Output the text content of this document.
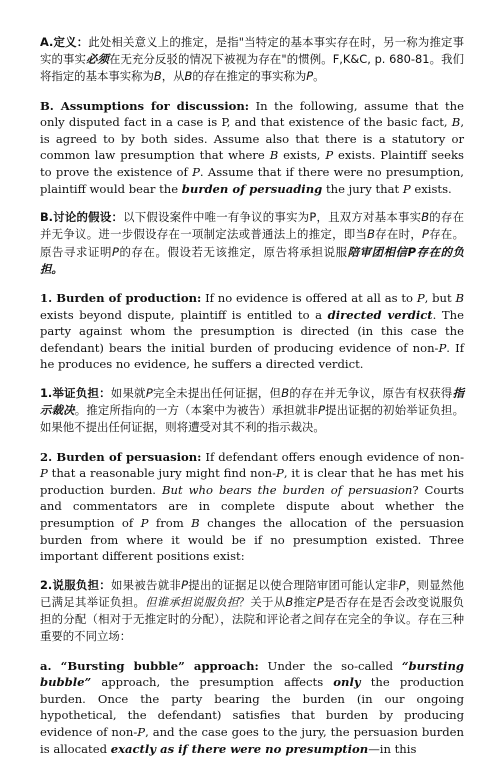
A.定义：此处相关意义上的推定，是指"当特定的基本事实存在时，另一称为推定事实的事实必须在无充分反驳的情况下被视为存在"的惯例。F,K&C, p. 680-81。我们将指定的基本事实称为B，从B的存在推定的事实称为P。

B. Assumptions for discussion: In the following, assume that the only disputed fact in a case is P, and that existence of the basic fact, B, is agreed to by both sides. Assume also that there is a statutory or common law presumption that where B exists, P exists. Plaintiff seeks to prove the existence of P. Assume that if there were no presumption, plaintiff would bear the burden of persuading the jury that P exists.

B.讨论的假设：以下假设案件中唯一有争议的事实为P，且双方对基本事实B的存在并无争议。进一步假设存在一项制定法或普通法上的推定，即当B存在时，P存在。原告寻求证明P的存在。假设若无该推定，原告将承担说服陪审团相信P存在的负担。

1. Burden of production: If no evidence is offered at all as to P, but B exists beyond dispute, plaintiff is entitled to a directed verdict. The party against whom the presumption is directed (in this case the defendant) bears the initial burden of producing evidence of non-P. If he produces no evidence, he suffers a directed verdict.

1.举证负担：如果就P完全未提出任何证据，但B的存在并无争议，原告有权获得指示裁决。推定所指向的一方（本案中为被告）承担就非P提出证据的初始举证负担。如果他不提出任何证据，则将遭受对其不利的指示裁决。

2. Burden of persuasion: If defendant offers enough evidence of non-P that a reasonable jury might find non-P, it is clear that he has met his production burden. But who bears the burden of persuasion? Courts and commentators are in complete dispute about whether the presumption of P from B changes the allocation of the persuasion burden from where it would be if no presumption existed. Three important different positions exist:

2.说服负担：如果被告就非P提出的证据足以使合理陪审团可能认定非P，则显然他已满足其举证负担。但谁承担说服负担？关于从B推定P是否存在是否会改变说服负担的分配（相对于无推定时的分配），法院和评论者之间存在完全的争议。存在三种重要的不同立场：

a. “Bursting bubble” approach: Under the so-called “bursting bubble” approach, the presumption affects only the production burden. Once the party bearing the burden (in our ongoing hypothetical, the defendant) satisfies that burden by producing evidence of non-P, and the case goes to the jury, the persuasion burden is allocated exactly as if there were no presumption—in this
